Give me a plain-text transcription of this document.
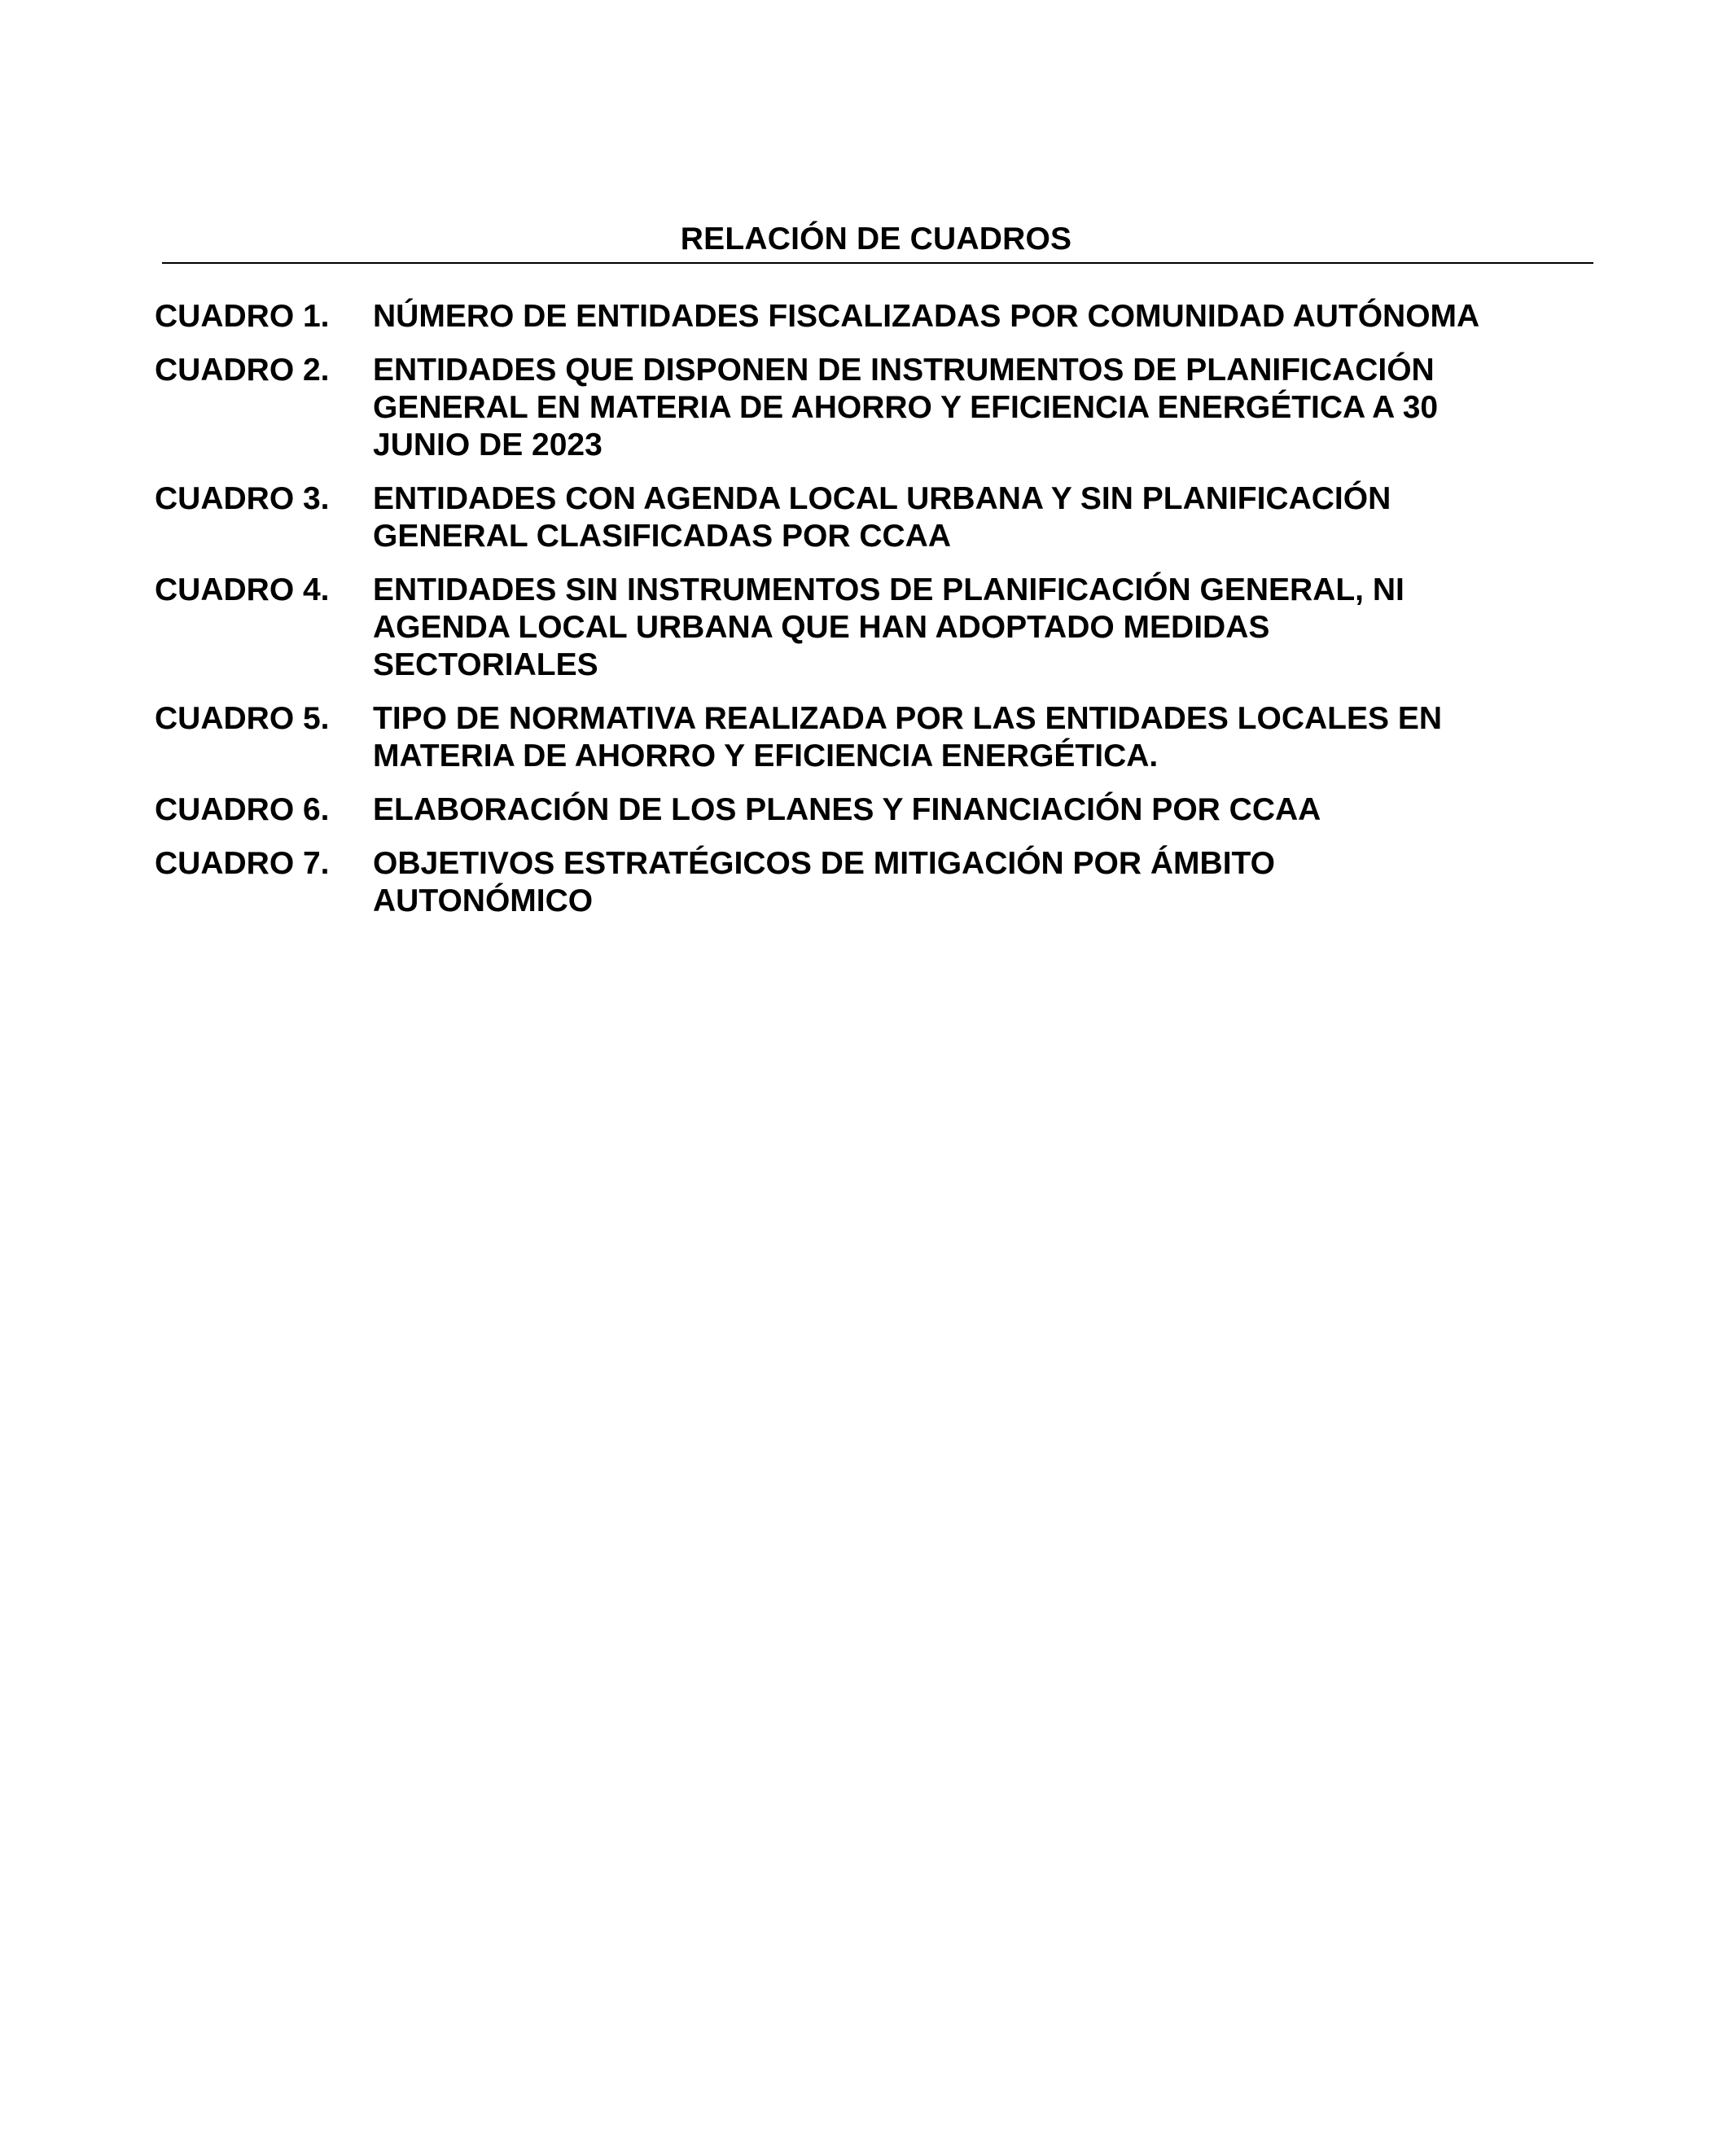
RELACIÓN DE CUADROS
CUADRO 1.	NÚMERO DE ENTIDADES FISCALIZADAS POR COMUNIDAD AUTÓNOMA
CUADRO 2.	ENTIDADES QUE DISPONEN DE INSTRUMENTOS DE PLANIFICACIÓN GENERAL EN MATERIA DE AHORRO Y EFICIENCIA ENERGÉTICA A 30 JUNIO DE 2023
CUADRO 3.	ENTIDADES CON AGENDA LOCAL URBANA Y SIN PLANIFICACIÓN GENERAL CLASIFICADAS POR CCAA
CUADRO 4.	ENTIDADES SIN INSTRUMENTOS DE PLANIFICACIÓN GENERAL, NI AGENDA LOCAL URBANA QUE HAN ADOPTADO MEDIDAS SECTORIALES
CUADRO 5.	TIPO DE NORMATIVA REALIZADA POR LAS ENTIDADES LOCALES EN MATERIA DE AHORRO Y EFICIENCIA ENERGÉTICA.
CUADRO 6.	ELABORACIÓN DE LOS PLANES Y FINANCIACIÓN POR CCAA
CUADRO 7.	OBJETIVOS ESTRATÉGICOS DE MITIGACIÓN POR ÁMBITO AUTONÓMICO
